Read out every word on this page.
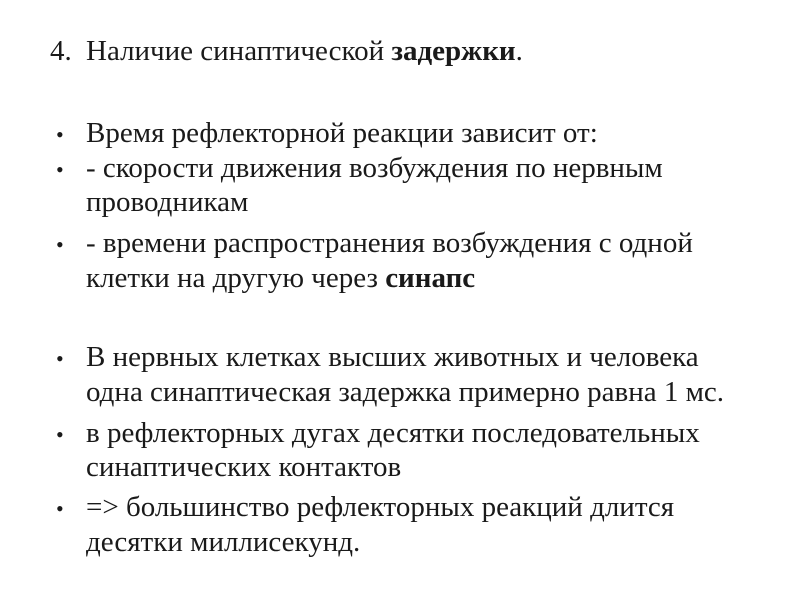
4. Наличие синаптической задержки.
• Время рефлекторной реакции зависит от:
• - скорости движения возбуждения по нервным
проводникам
• - времени распространения возбуждения с одной
клетки на другую через синапс
• В нервных клетках высших животных и человека
одна синаптическая задержка примерно равна 1 мс.
• в рефлекторных дугах десятки последовательных
синаптических контактов
• => большинство рефлекторных реакций длится
десятки миллисекунд.
